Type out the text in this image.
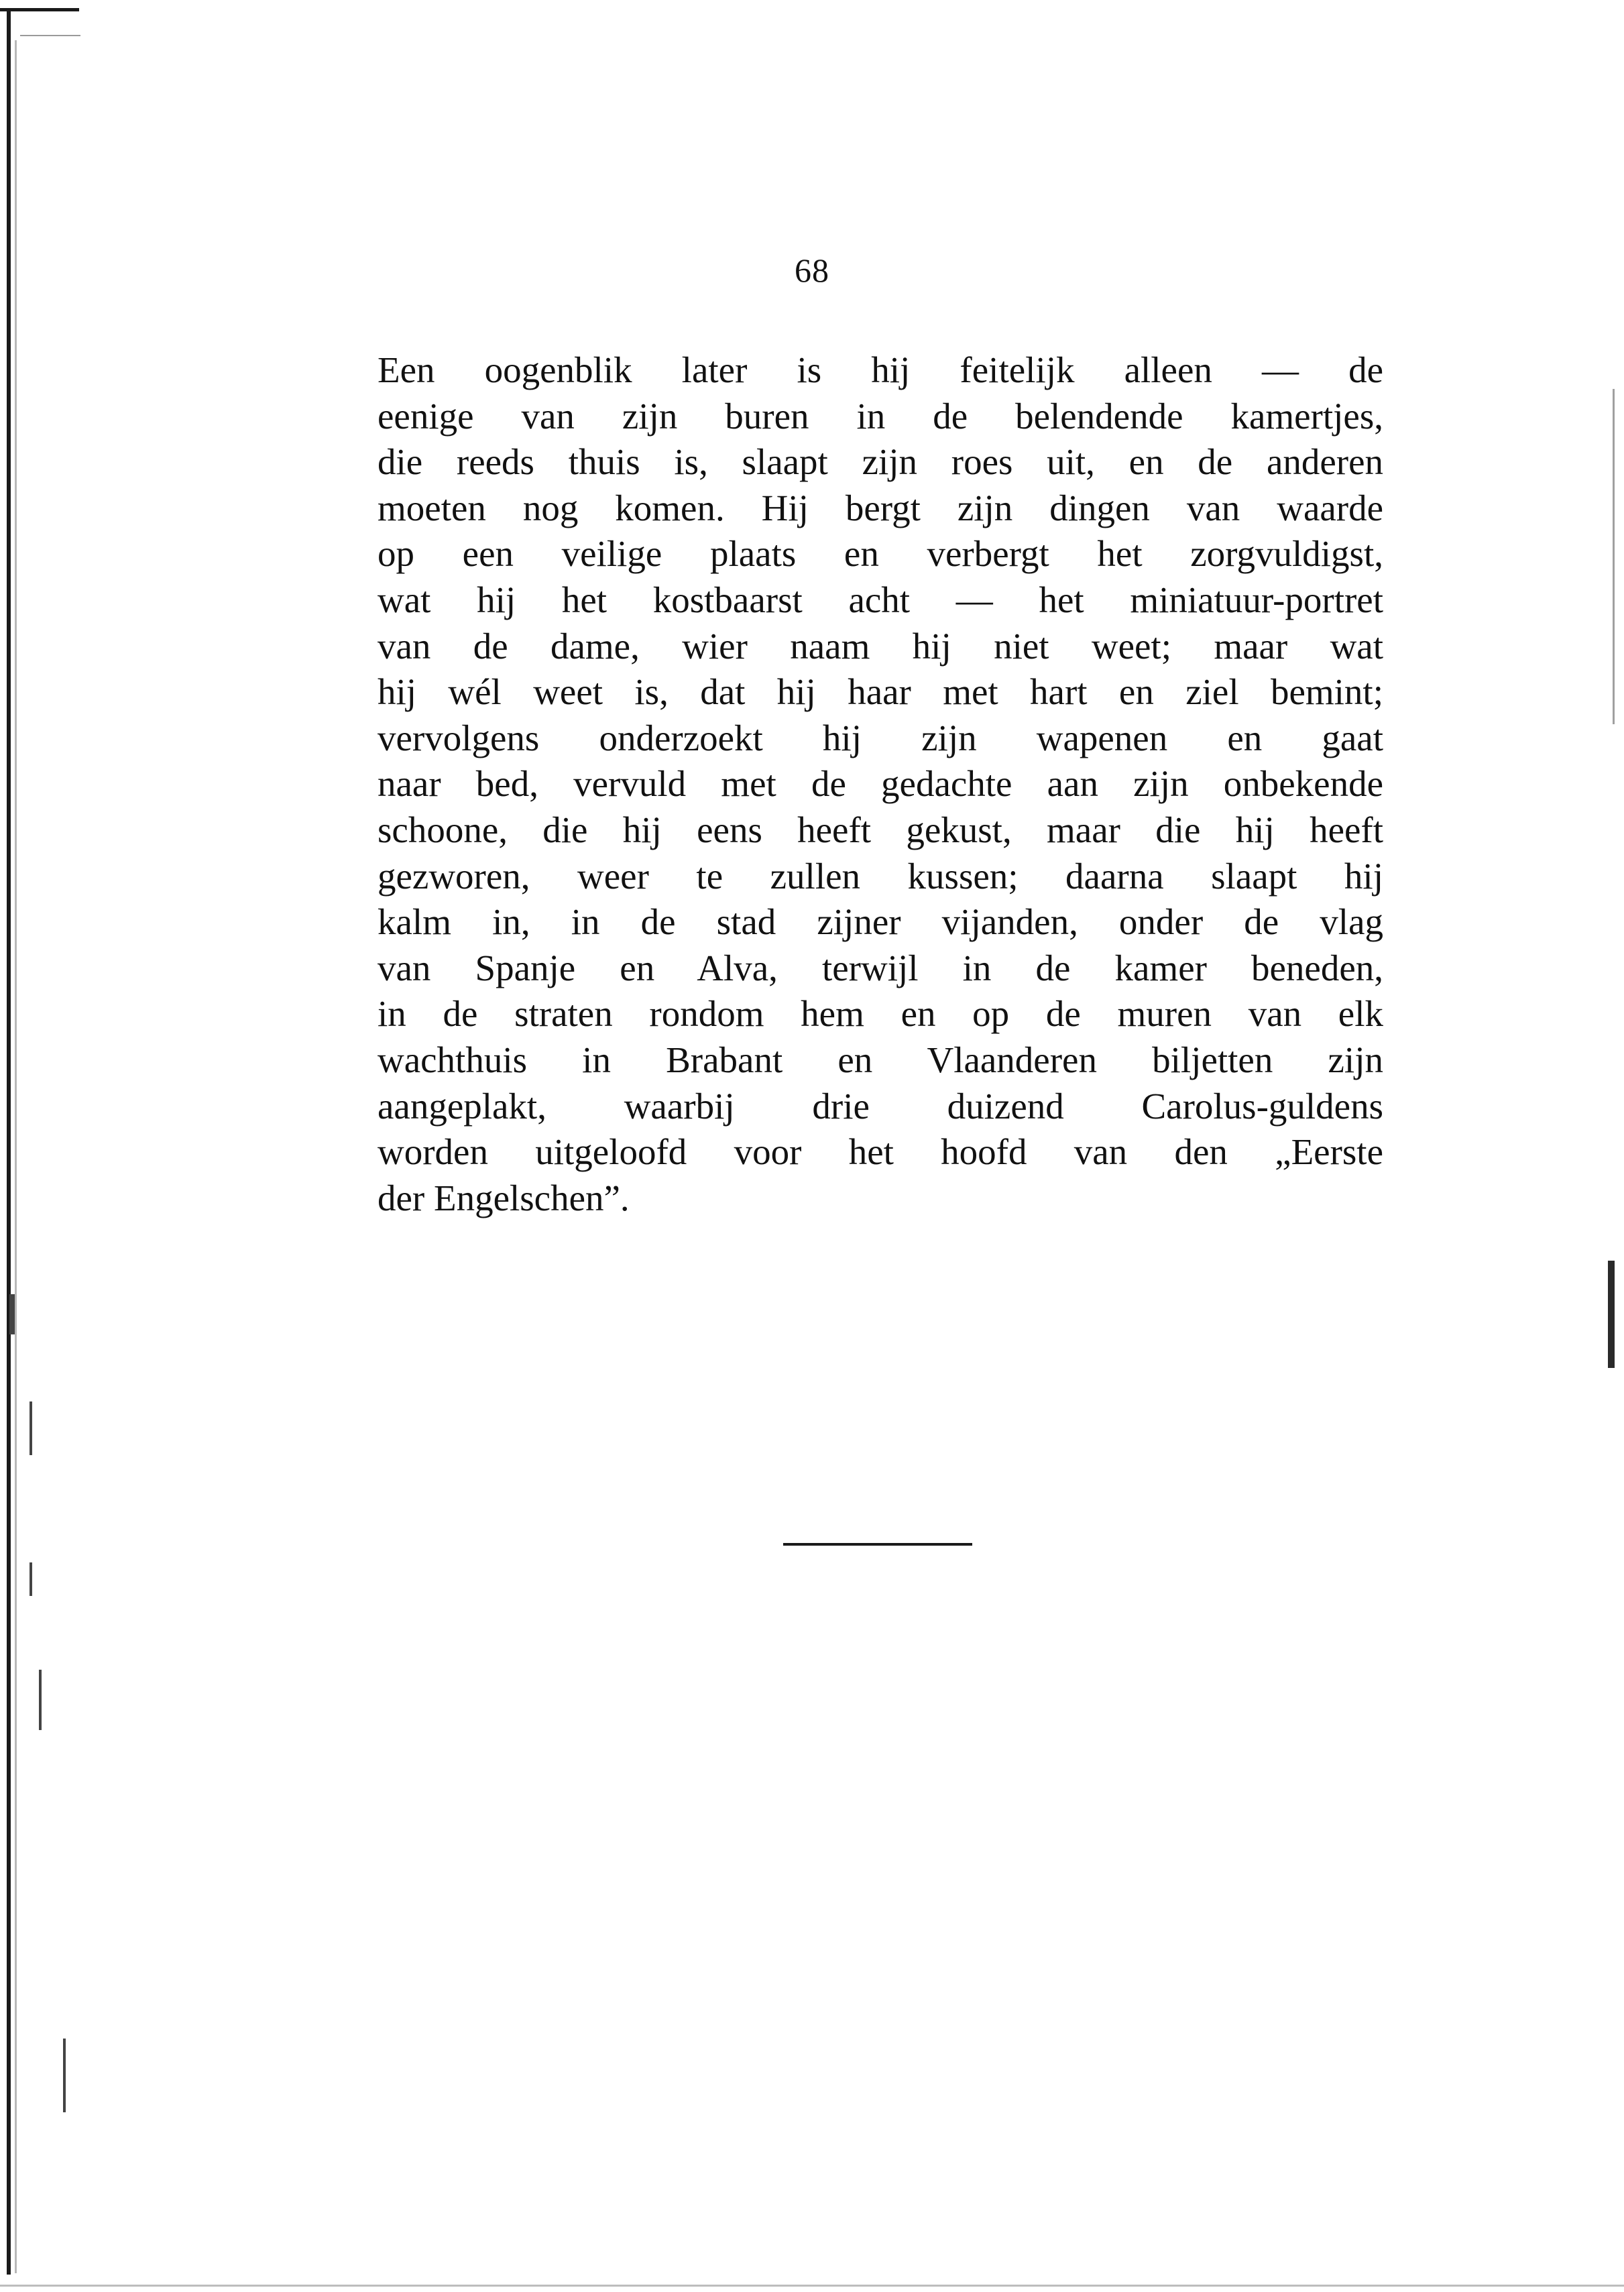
68
Een oogenblik later is hij feitelijk alleen — de
eenige van zijn buren in de belendende kamertjes,
die reeds thuis is, slaapt zijn roes uit, en de anderen
moeten nog komen. Hij bergt zijn dingen van waarde
op een veilige plaats en verbergt het zorgvuldigst,
wat hij het kostbaarst acht — het miniatuur-portret
van de dame, wier naam hij niet weet; maar wat
hij wél weet is, dat hij haar met hart en ziel bemint;
vervolgens onderzoekt hij zijn wapenen en gaat
naar bed, vervuld met de gedachte aan zijn onbekende
schoone, die hij eens heeft gekust, maar die hij heeft
gezworen, weer te zullen kussen; daarna slaapt hij
kalm in, in de stad zijner vijanden, onder de vlag
van Spanje en Alva, terwijl in de kamer beneden,
in de straten rondom hem en op de muren van elk
wachthuis in Brabant en Vlaanderen biljetten zijn
aangeplakt, waarbij drie duizend Carolus-guldens
worden uitgeloofd voor het hoofd van den „Eerste
der Engelschen”.
